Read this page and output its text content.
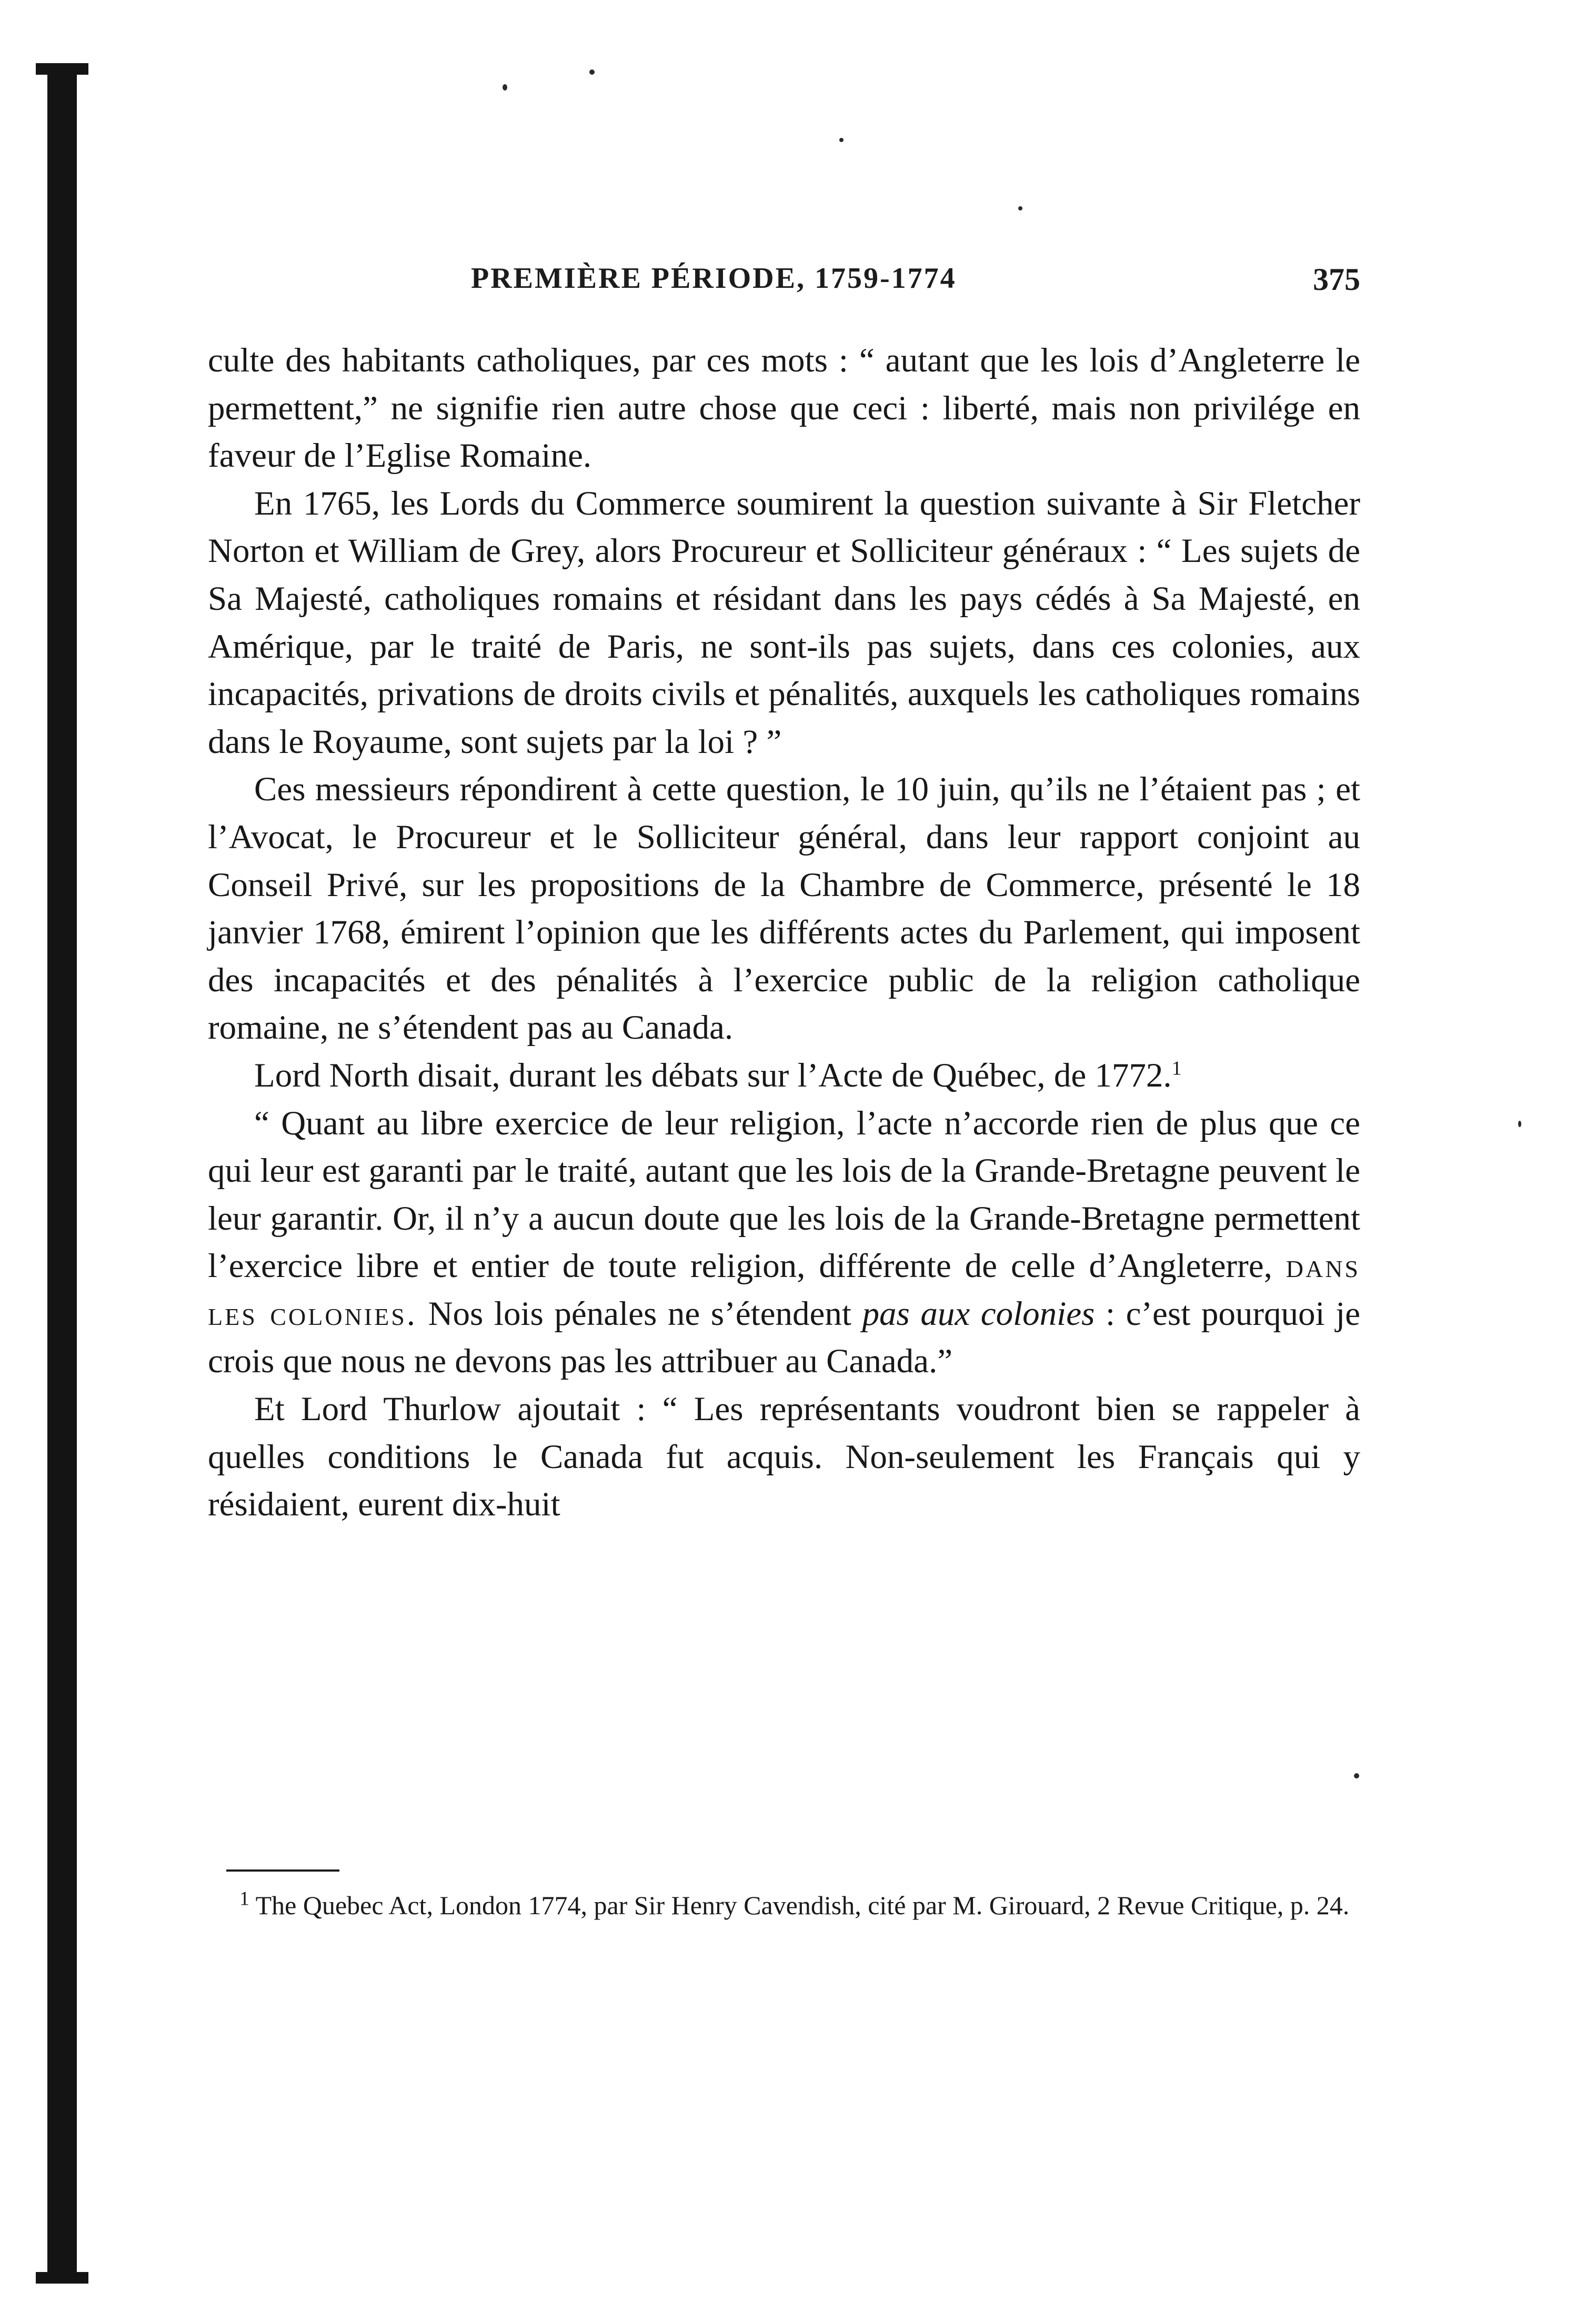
PREMIÈRE PÉRIODE, 1759-1774	375

culte des habitants catholiques, par ces mots : “ autant que les lois d’Angleterre le permettent,” ne signifie rien autre chose que ceci : liberté, mais non privilége en faveur de l’Eglise Romaine.

En 1765, les Lords du Commerce soumirent la question suivante à Sir Fletcher Norton et William de Grey, alors Procureur et Solliciteur généraux : “ Les sujets de Sa Majesté, catholiques romains et résidant dans les pays cédés à Sa Majesté, en Amérique, par le traité de Paris, ne sont-ils pas sujets, dans ces colonies, aux incapacités, privations de droits civils et pénalités, auxquels les catholiques romains dans le Royaume, sont sujets par la loi ? ”

Ces messieurs répondirent à cette question, le 10 juin, qu’ils ne l’étaient pas ; et l’Avocat, le Procureur et le Solliciteur général, dans leur rapport conjoint au Conseil Privé, sur les propositions de la Chambre de Commerce, présenté le 18 janvier 1768, émirent l’opinion que les différents actes du Parlement, qui imposent des incapacités et des pénalités à l’exercice public de la religion catholique romaine, ne s’étendent pas au Canada.

Lord North disait, durant les débats sur l’Acte de Québec, de 1772.$^1$

“ Quant au libre exercice de leur religion, l’acte n’accorde rien de plus que ce qui leur est garanti par le traité, autant que les lois de la Grande-Bretagne peuvent le leur garantir. Or, il n’y a aucun doute que les lois de la Grande-Bretagne permettent l’exercice libre et entier de toute religion, différente de celle d’Angleterre, dans les colonies. Nos lois pénales ne s’étendent pas aux colonies : c’est pourquoi je crois que nous ne devons pas les attribuer au Canada.”

Et Lord Thurlow ajoutait : “ Les représentants voudront bien se rappeler à quelles conditions le Canada fut acquis. Non-seulement les Français qui y résidaient, eurent dix-huit

$^1$ The Quebec Act, London 1774, par Sir Henry Cavendish, cité par M. Girouard, 2 Revue Critique, p. 24.
